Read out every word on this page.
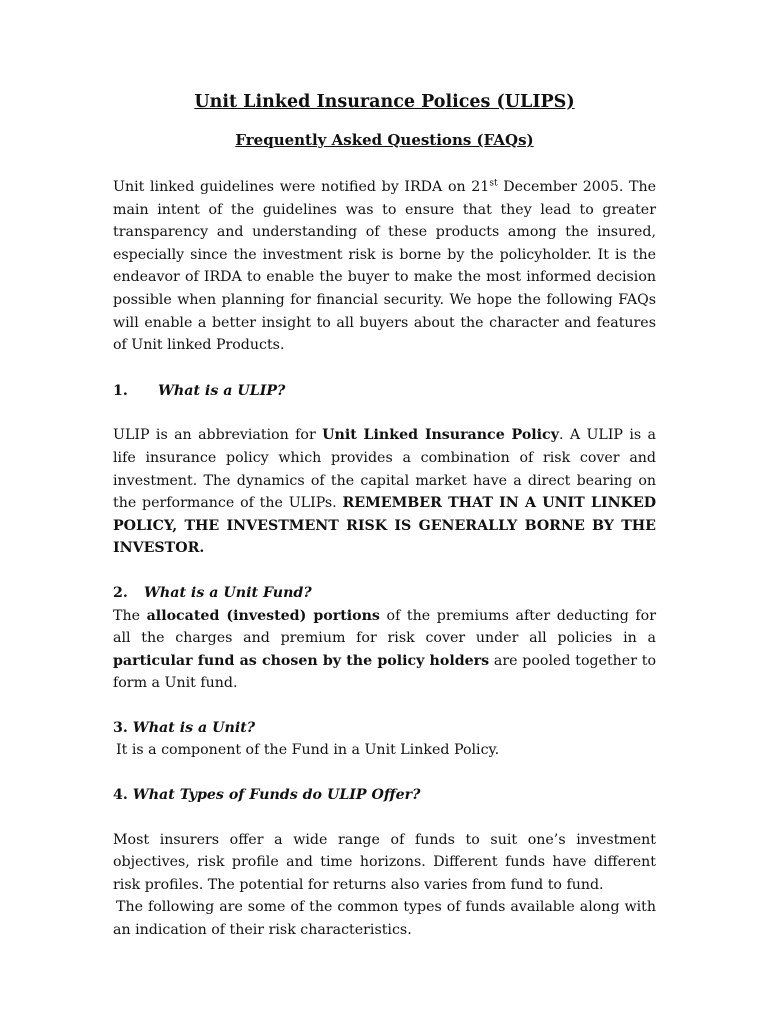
Unit Linked Insurance Polices (ULIPS)
Frequently Asked Questions (FAQs)

Unit linked guidelines were notified by IRDA on 21st December 2005. The main intent of the guidelines was to ensure that they lead to greater transparency and understanding of these products among the insured, especially since the investment risk is borne by the policyholder. It is the endeavor of IRDA to enable the buyer to make the most informed decision possible when planning for financial security. We hope the following FAQs will enable a better insight to all buyers about the character and features of Unit linked Products.

1. What is a ULIP?

ULIP is an abbreviation for Unit Linked Insurance Policy. A ULIP is a life insurance policy which provides a combination of risk cover and investment. The dynamics of the capital market have a direct bearing on the performance of the ULIPs. REMEMBER THAT IN A UNIT LINKED POLICY, THE INVESTMENT RISK IS GENERALLY BORNE BY THE INVESTOR.

2. What is a Unit Fund?

The allocated (invested) portions of the premiums after deducting for all the charges and premium for risk cover under all policies in a particular fund as chosen by the policy holders are pooled together to form a Unit fund.

3. What is a Unit?

It is a component of the Fund in a Unit Linked Policy.

4. What Types of Funds do ULIP Offer?

Most insurers offer a wide range of funds to suit one’s investment objectives, risk profile and time horizons. Different funds have different risk profiles. The potential for returns also varies from fund to fund.

The following are some of the common types of funds available along with an indication of their risk characteristics.
